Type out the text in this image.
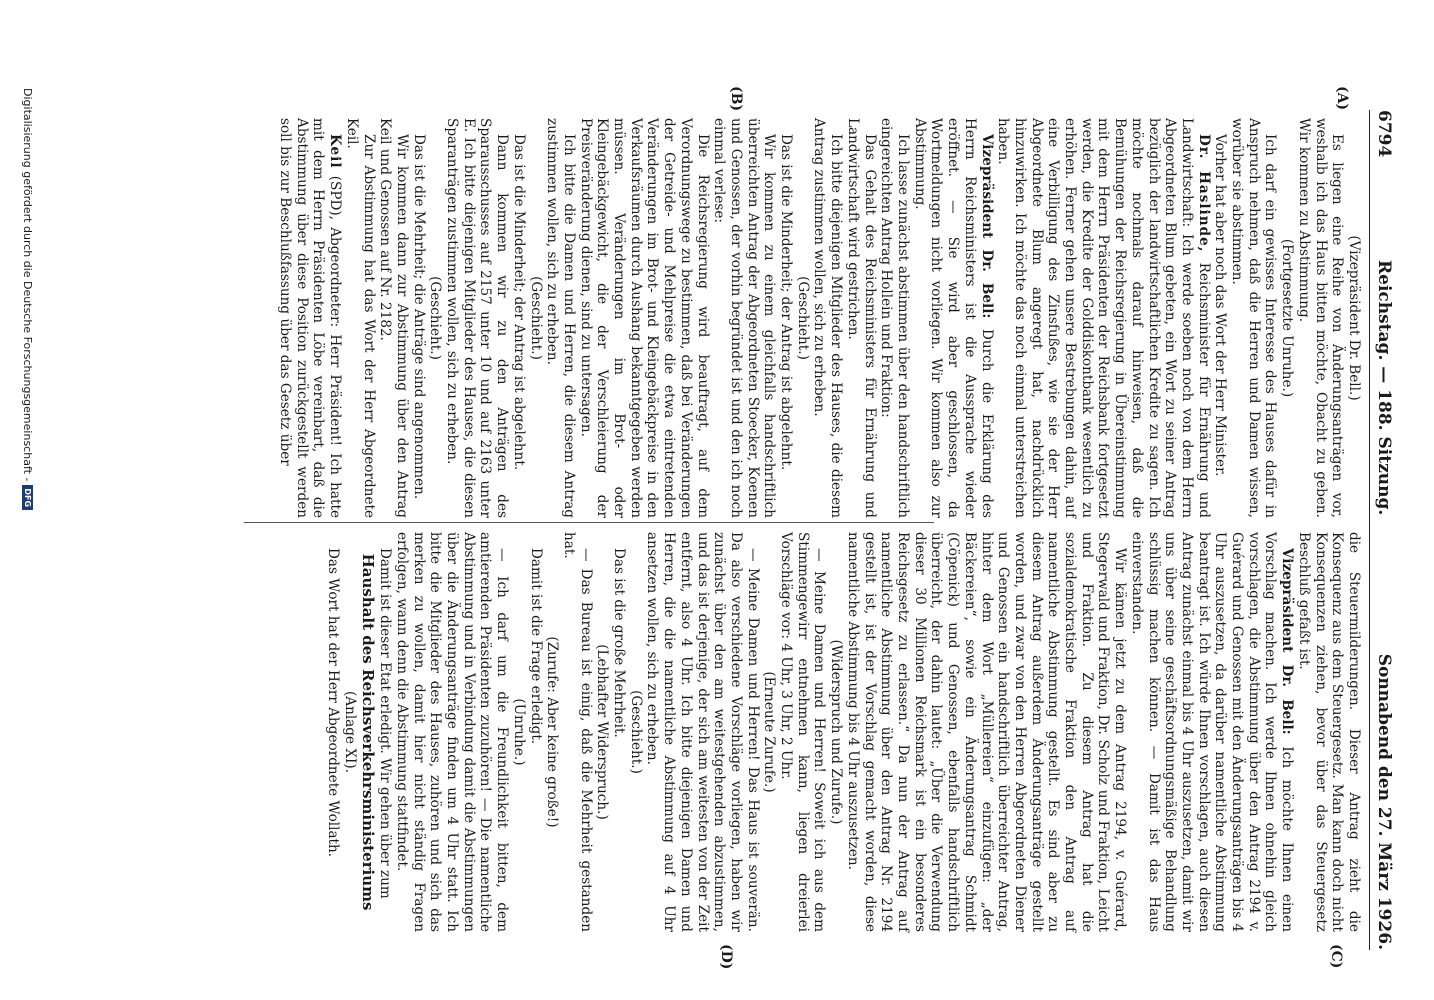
6794
Reichstag. — 188. Sitzung.
Sonnabend den 27. März 1926.
(A)
(B)
(C)
(D)

(Vizepräsident Dr. Bell.)

Es liegen eine Reihe von Änderungsanträgen vor, weshalb ich das Haus bitten möchte, Obacht zu geben. Wir kommen zu Abstimmung.

(Fortgesetzte Unruhe.)

Ich darf ein gewisses Interesse des Hauses dafür in Anspruch nehmen, daß die Herren und Damen wissen, worüber sie abstimmen.

Vorher hat aber noch das Wort der Herr Minister.

Dr. Haslinde, Reichsminister für Ernährung und Landwirtschaft: Ich werde soeben noch von dem Herrn Abgeordneten Blum gebeten, ein Wort zu seiner Antrag bezüglich der landwirtschaftlichen Kredite zu sagen. Ich möchte nochmals darauf hinweisen, daß die Bemühungen der Reichsregierung in Übereinstimmung mit dem Herrn Präsidenten der Reichsbank fortgesetzt werden, die Kredite der Golddiskontbank wesentlich zu erhöhen. Ferner gehen unsere Bestrebungen dahin, auf eine Verbilligung des Zinsfußes, wie sie der Herr Abgeordnete Blum angeregt hat, nachdrücklich hinzuwirken. Ich möchte das noch einmal unterstreichen haben.

Vizepräsident Dr. Bell: Durch die Erklärung des Herrn Reichsministers ist die Aussprache wieder eröffnet. — Sie wird aber geschlossen, da Wortmeldungen nicht vorliegen. Wir kommen also zur Abstimmung.

Ich lasse zunächst abstimmen über den handschriftlich eingereichten Antrag Hollein und Fraktion:

Das Gehalt des Reichsministers für Ernährung und Landwirtschaft wird gestrichen.

Ich bitte diejenigen Mitglieder des Hauses, die diesem Antrag zustimmen wollen, sich zu erheben.

(Geschieht.)

Das ist die Minderheit; der Antrag ist abgelehnt.

Wir kommen zu einem gleichfalls handschriftlich überreichten Antrag der Abgeordneten Stoecker, Koenen und Genossen, der vorhin begründet ist und den ich noch einmal verlese:

Die Reichsregierung wird beauftragt, auf dem Verordnungswege zu bestimmen, daß bei Veränderungen der Getreide- und Mehlpreise die etwa eintretenden Veränderungen im Brot- und Kleingebäckpreise in den Verkaufsräumen durch Aushang bekanntgegeben werden müssen. Veränderungen im Brot- oder Kleingebäckgewicht, die der Verschleierung der Preisveränderung dienen, sind zu untersagen.

Ich bitte die Damen und Herren, die diesem Antrag zustimmen wollen, sich zu erheben.

(Geschieht.)

Das ist die Minderheit; der Antrag ist abgelehnt.

Dann kommen wir zu den Anträgen des Sparausschusses auf 2157 unter 10 und auf 2163 unter E. Ich bitte diejenigen Mitglieder des Hauses, die diesen Sparanträgen zustimmen wollen, sich zu erheben.

(Geschieht.)

Das ist die Mehrheit; die Anträge sind angenommen.

Wir kommen dann zur Abstimmung über den Antrag Keil und Genossen auf Nr. 2182.

Zur Abstimmung hat das Wort der Herr Abgeordnete Keil.

Keil (SPD), Abgeordneter: Herr Präsident! Ich hatte mit dem Herrn Präsidenten Löbe vereinbart, daß die Abstimmung über diese Position zurückgestellt werden soll bis zur Beschlußfassung über das Gesetz über

die Steuermilderungen. Dieser Antrag zieht die Konsequenz aus dem Steuergesetz. Man kann doch nicht Konsequenzen ziehen, bevor über das Steuergesetz Beschluß gefaßt ist.

Vizepräsident Dr. Bell: Ich möchte Ihnen einen Vorschlag machen. Ich werde Ihnen ohnehin gleich vorschlagen, die Abstimmung über den Antrag 2194 v. Guérard und Genossen mit den Änderungsanträgen bis 4 Uhr auszusetzen, da darüber namentliche Abstimmung beantragt ist. Ich würde Ihnen vorschlagen, auch diesen Antrag zunächst einmal bis 4 Uhr auszusetzen, damit wir uns über seine geschäftsordnungsmäßige Behandlung schlüssig machen können. — Damit ist das Haus einverstanden.

Wir kämen jetzt zu dem Antrag 2194, v. Guérard, Stegerwald und Fraktion, Dr. Scholz und Fraktion, Leicht und Fraktion. Zu diesem Antrag hat die sozialdemokratische Fraktion den Antrag auf namentliche Abstimmung gestellt. Es sind aber zu diesem Antrag außerdem Änderungsanträge gestellt worden, und zwar von den Herren Abgeordneten Diener und Genossen ein handschriftlich überreichter Antrag, hinter dem Wort „Müllereien“ einzufügen: „der Bäckereien“, sowie ein Änderungsantrag Schmidt (Cöpenick) und Genossen, ebenfalls handschriftlich überreicht, der dahin lautet: „Über die Verwendung dieser 30 Millionen Reichsmark ist ein besonderes Reichsgesetz zu erlassen.“ Da nun der Antrag auf namentliche Abstimmung über den Antrag Nr. 2194 gestellt ist, ist der Vorschlag gemacht worden, diese namentliche Abstimmung bis 4 Uhr auszusetzen.

(Widerspruch und Zurufe.)

— Meine Damen und Herren! Soweit ich aus dem Stimmengewirr entnehmen kann, liegen dreierlei Vorschläge vor: 4 Uhr, 3 Uhr, 2 Uhr.

(Erneute Zurufe.)

— Meine Damen und Herren! Das Haus ist souverän. Da also verschiedene Vorschläge vorliegen, haben wir zunächst über den am weitestgehenden abzustimmen, und das ist derjenige, der sich am weitesten von der Zeit entfernt, also 4 Uhr. Ich bitte diejenigen Damen und Herren, die die namentliche Abstimmung auf 4 Uhr ansetzen wollen, sich zu erheben.

(Geschieht.)

Das ist die große Mehrheit.

(Lebhafter Widerspruch.)

— Das Bureau ist einig, daß die Mehrheit gestanden hat.

(Zurufe: Aber keine große!)

Damit ist die Frage erledigt.

(Unruhe.)

— Ich darf um die Freundlichkeit bitten, dem amtierenden Präsidenten zuzuhören! — Die namentliche Abstimmung und in Verbindung damit die Abstimmungen über die Änderungsanträge finden um 4 Uhr statt. Ich bitte die Mitglieder des Hauses, zuhören und sich das merken zu wollen, damit hier nicht ständig Fragen erfolgen, wann denn die Abstimmung stattfindet.

Damit ist dieser Etat erledigt. Wir gehen über zum

Haushalt des Reichsverkehrsministeriums

(Anlage XI).

Das Wort hat der Herr Abgeordnete Wollath.

Digitalisierung gefördert durch die Deutsche Forschungsgemeinschaft -
DFG
